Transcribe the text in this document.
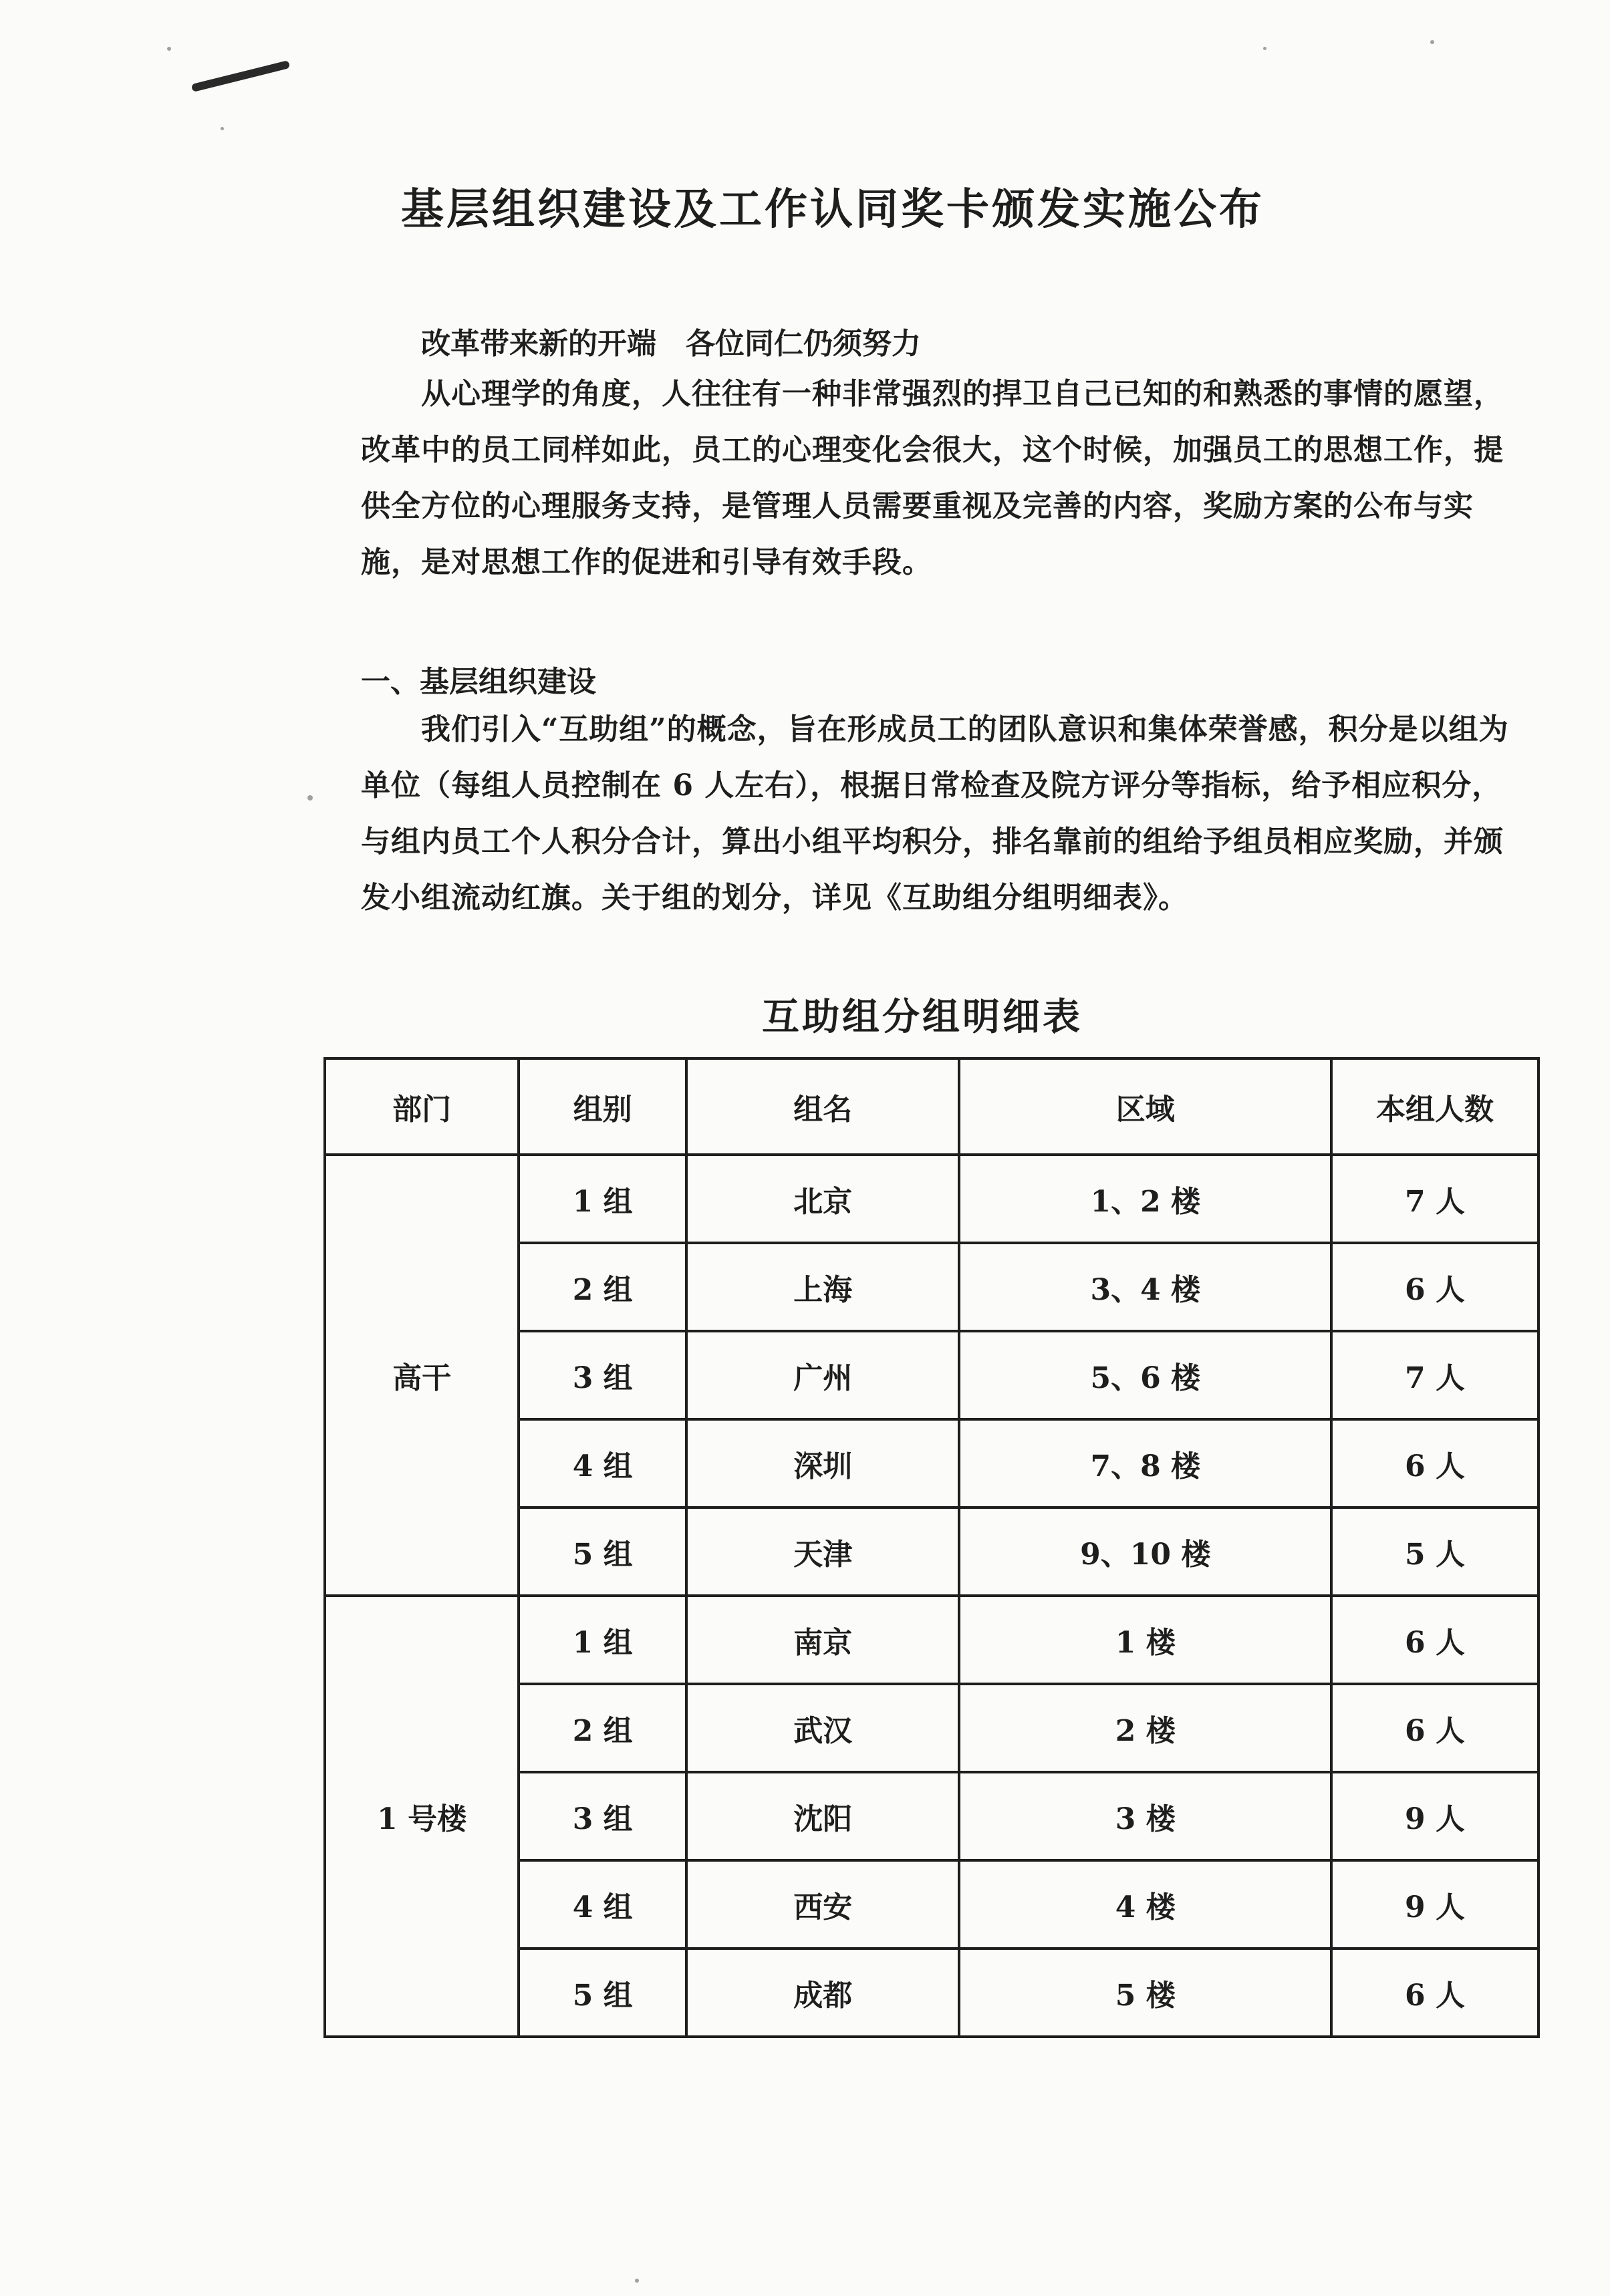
基层组织建设及工作认同奖卡颁发实施公布
改革带来新的开端　各位同仁仍须努力
从心理学的角度，人往往有一种非常强烈的捍卫自己已知的和熟悉的事情的愿望，改革中的员工同样如此，员工的心理变化会很大，这个时候，加强员工的思想工作，提供全方位的心理服务支持，是管理人员需要重视及完善的内容，奖励方案的公布与实施，是对思想工作的促进和引导有效手段。
一、基层组织建设
我们引入“互助组”的概念，旨在形成员工的团队意识和集体荣誉感，积分是以组为单位（每组人员控制在 6 人左右），根据日常检查及院方评分等指标，给予相应积分，与组内员工个人积分合计，算出小组平均积分，排名靠前的组给予组员相应奖励，并颁发小组流动红旗。关于组的划分，详见《互助组分组明细表》。
互助组分组明细表
部门	组别	组名	区域	本组人数
高干	1 组	北京	1、2 楼	7 人
	2 组	上海	3、4 楼	6 人
	3 组	广州	5、6 楼	7 人
	4 组	深圳	7、8 楼	6 人
	5 组	天津	9、10 楼	5 人
1 号楼	1 组	南京	1 楼	6 人
	2 组	武汉	2 楼	6 人
	3 组	沈阳	3 楼	9 人
	4 组	西安	4 楼	9 人
	5 组	成都	5 楼	6 人
